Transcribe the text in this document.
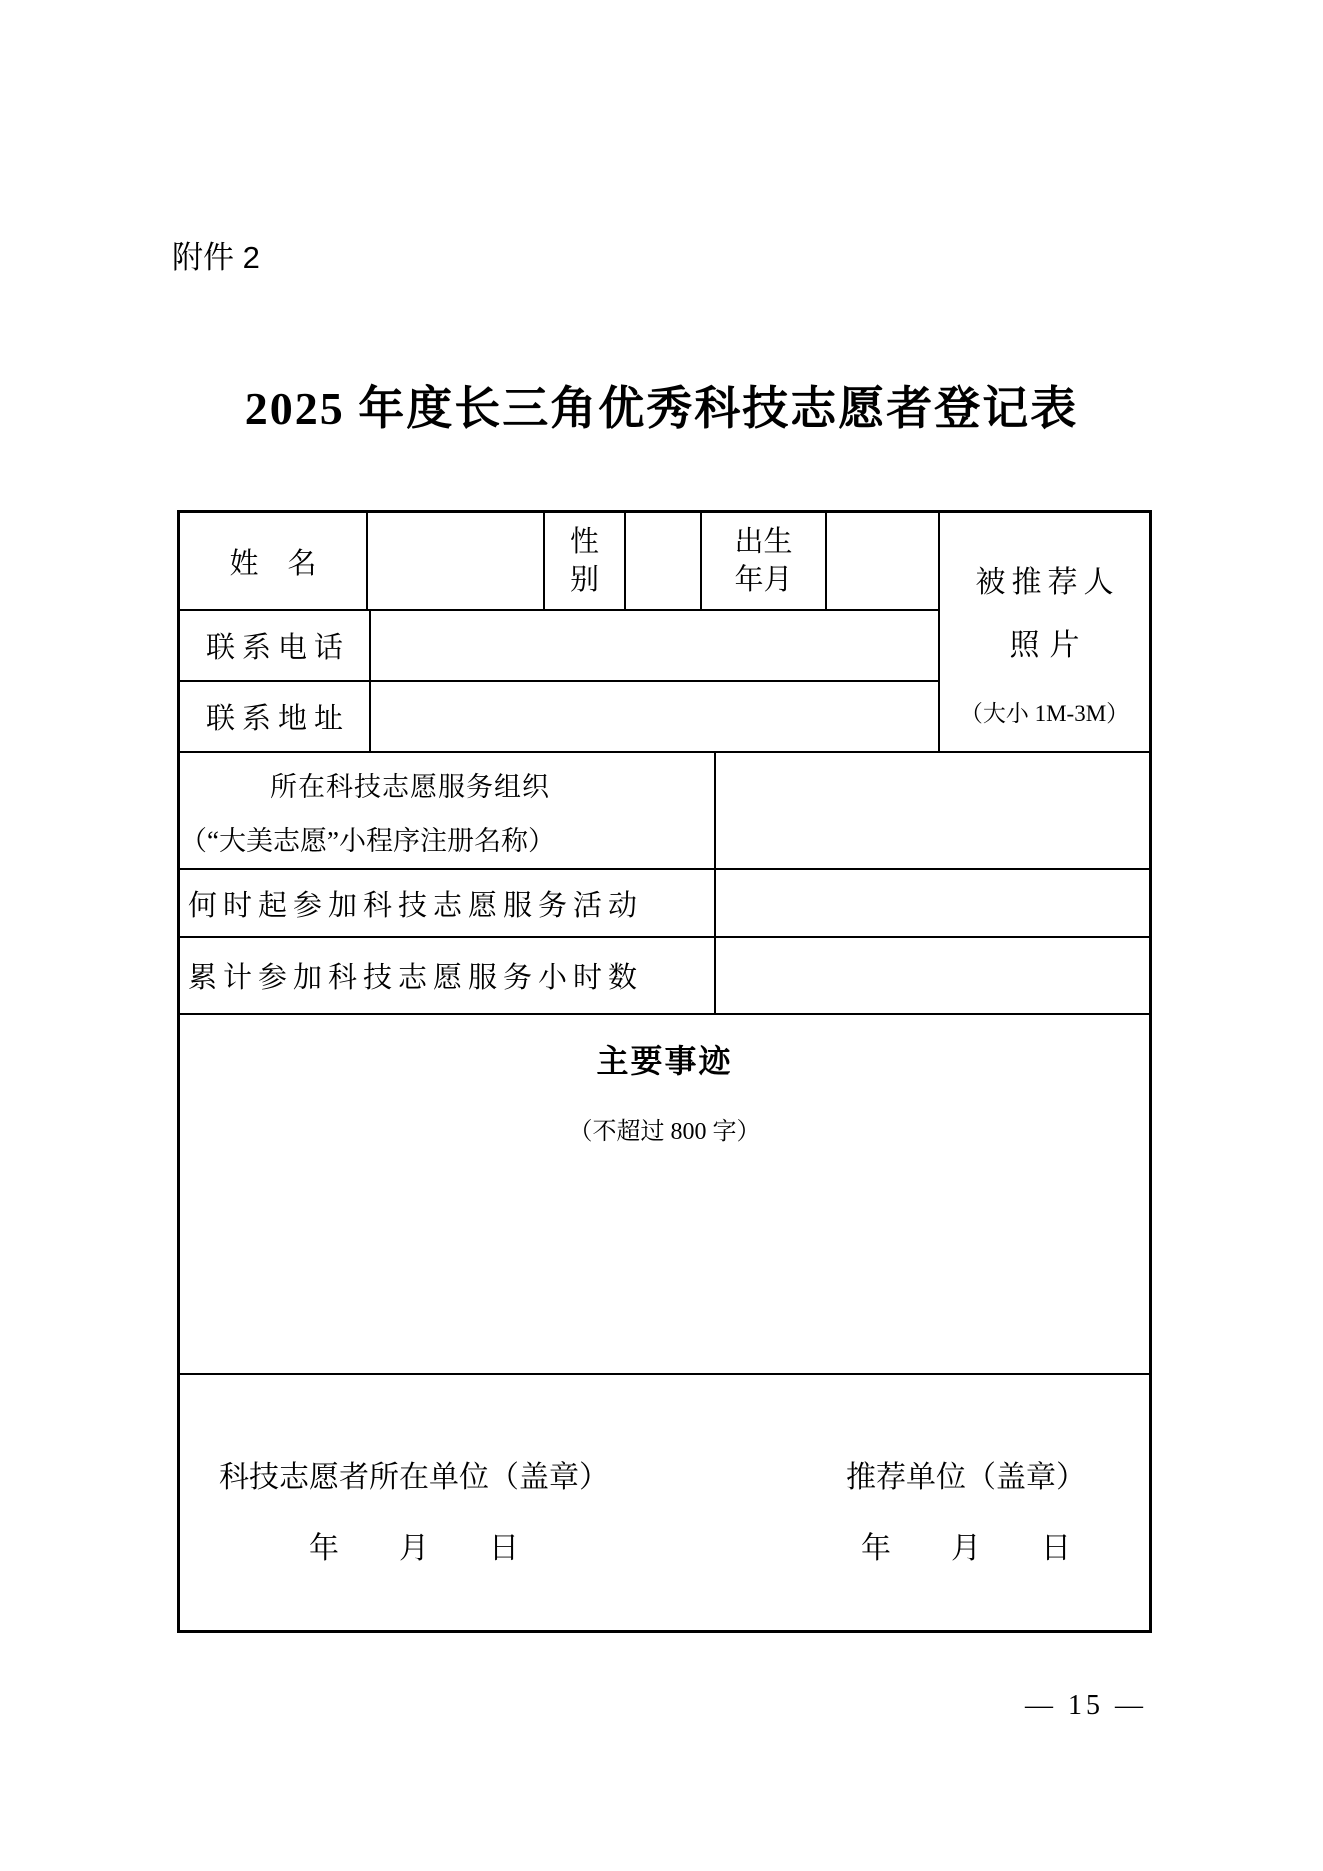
附件 2
2025 年度长三角优秀科技志愿者登记表
姓　名
性
别
出生
年月
联系电话
联系地址
被推荐人
照片
（大小 1M-3M）
所在科技志愿服务组织
（“大美志愿”小程序注册名称）
何时起参加科技志愿服务活动
累计参加科技志愿服务小时数
主要事迹
（不超过 800 字）
科技志愿者所在单位（盖章）
年　　月　　日
推荐单位（盖章）
年　　月　　日
— 15 —
